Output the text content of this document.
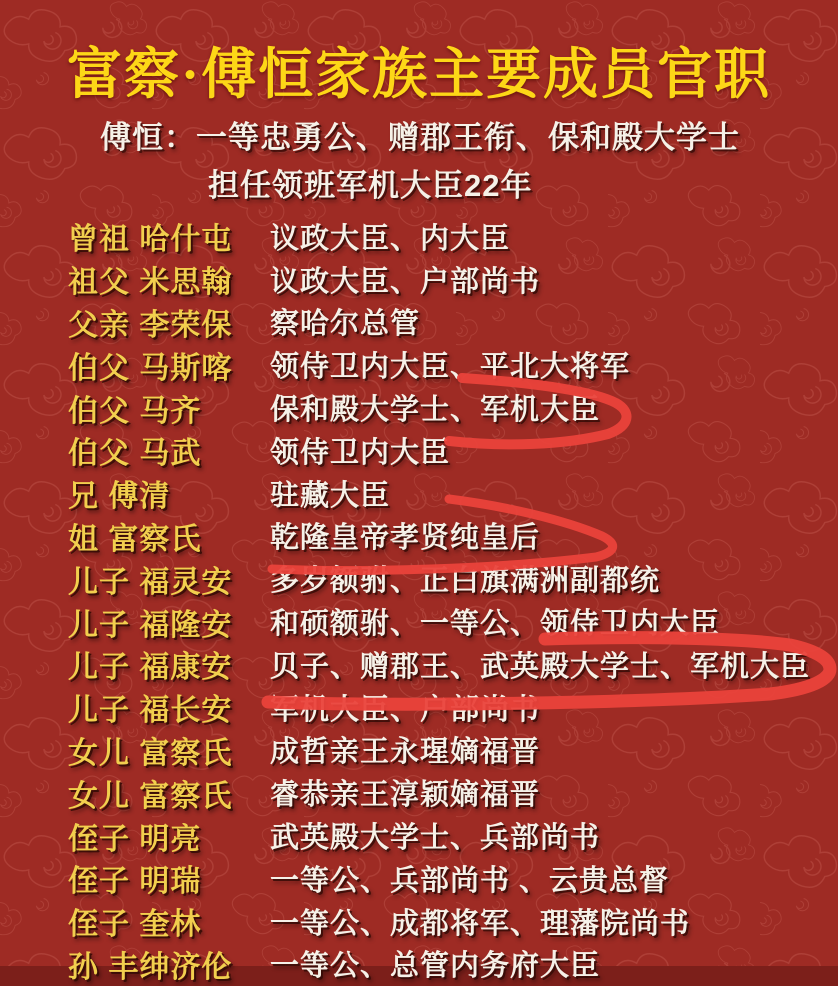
富察·傅恒家族主要成员官职
傅恒：一等忠勇公、赠郡王衔、保和殿大学士
担任领班军机大臣22年
曾祖 哈什屯	议政大臣、内大臣
祖父 米思翰	议政大臣、户部尚书
父亲 李荣保	察哈尔总管
伯父 马斯喀	领侍卫内大臣、平北大将军
伯父 马齐	保和殿大学士、军机大臣
伯父 马武	领侍卫内大臣
兄 傅清	驻藏大臣
姐 富察氏	乾隆皇帝孝贤纯皇后
儿子 福灵安	多岁额驸、正白旗满洲副都统
儿子 福隆安	和硕额驸、一等公、领侍卫内大臣
儿子 福康安	贝子、赠郡王、武英殿大学士、军机大臣
儿子 福长安	军机大臣、户部尚书
女儿 富察氏	成哲亲王永瑆嫡福晋
女儿 富察氏	睿恭亲王淳颖嫡福晋
侄子 明亮	武英殿大学士、兵部尚书
侄子 明瑞	一等公、兵部尚书 、云贵总督
侄子 奎林	一等公、成都将军、理藩院尚书
孙 丰绅济伦	一等公、总管内务府大臣
